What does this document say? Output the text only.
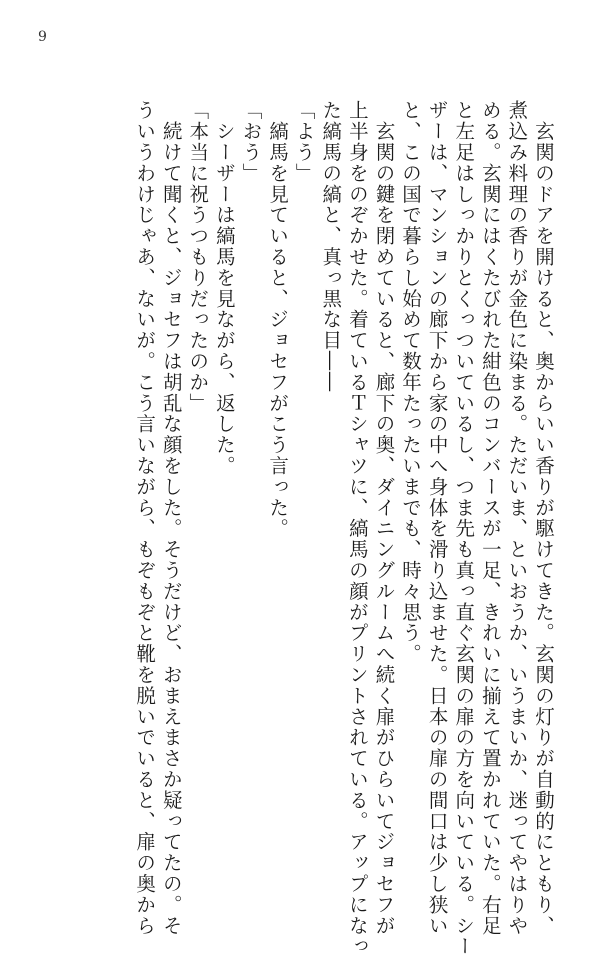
9
　玄関のドアを開けると、奥からいい香りが駆けてきた。玄関の灯りが自動的にともり、
煮込み料理の香りが金色に染まる。ただいま、といおうか、いうまいか、迷ってやはりや
める。玄関にはくたびれた紺色のコンバースが一足、きれいに揃えて置かれていた。右足
と左足はしっかりとくっついているし、つま先も真っ直ぐ玄関の扉の方を向いている。シー
ザーは、マンションの廊下から家の中へ身体を滑り込ませた。日本の扉の間口は少し狭い
と、この国で暮らし始めて数年たったいまでも、時々思う。
　玄関の鍵を閉めていると、廊下の奥、ダイニングルームへ続く扉がひらいてジョセフが
上半身をのぞかせた。着ているＴシャツに、縞馬の顔がプリントされている。アップになっ
た縞馬の縞と、真っ黒な目――
「よう」
　縞馬を見ていると、ジョセフがこう言った。
「おう」
　シーザーは縞馬を見ながら、返した。
「本当に祝うつもりだったのか」
　続けて聞くと、ジョセフは胡乱な顔をした。そうだけど、おまえまさか疑ってたの。そ
ういうわけじゃあ、ないが。こう言いながら、もぞもぞと靴を脱いでいると、扉の奥から
